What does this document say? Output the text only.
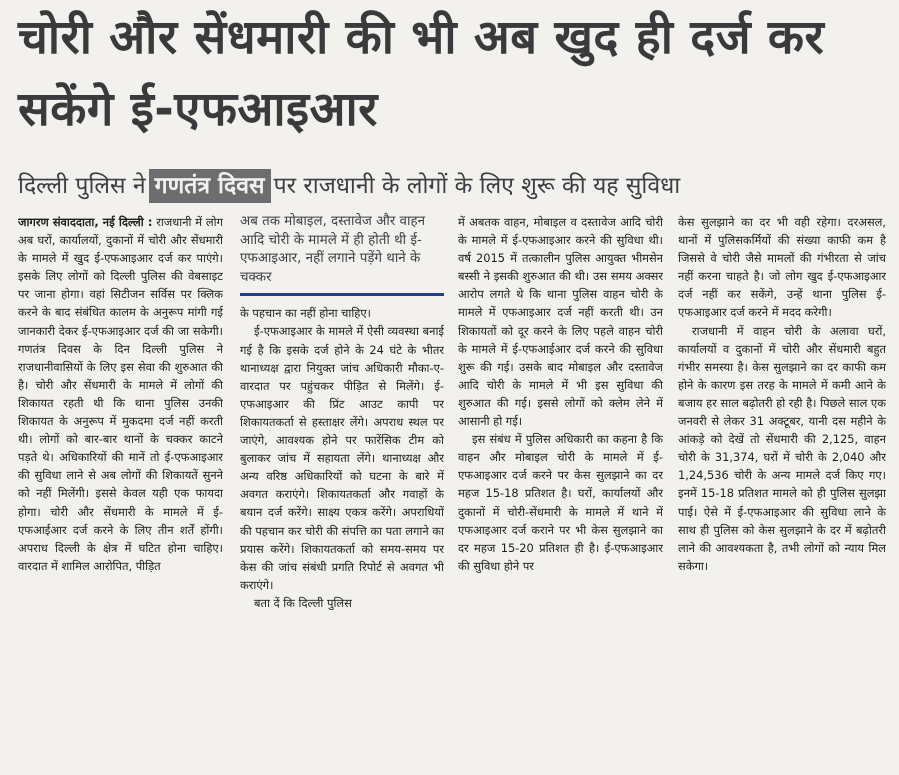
चोरी और सेंधमारी की भी अब खुद ही दर्ज कर सकेंगे ई-एफआइआर
दिल्ली पुलिस ने गणतंत्र दिवस पर राजधानी के लोगों के लिए शुरू की यह सुविधा

जागरण संवाददाता, नई दिल्ली : राजधानी में लोग अब घरों, कार्यालयों, दुकानों में चोरी और सेंधमारी के मामले में खुद ई-एफआइआर दर्ज कर पाएंगे। इसके लिए लोगों को दिल्ली पुलिस की वेबसाइट पर जाना होगा। वहां सिटीजन सर्विस पर क्लिक करने के बाद संबंधित कालम के अनुरूप मांगी गई जानकारी देकर ई-एफआइआर दर्ज की जा सकेगी। गणतंत्र दिवस के दिन दिल्ली पुलिस ने राजधानीवासियों के लिए इस सेवा की शुरुआत की है। चोरी और सेंधमारी के मामले में लोगों की शिकायत रहती थी कि थाना पुलिस उनकी शिकायत के अनुरूप में मुकदमा दर्ज नहीं करती थी। लोगों को बार-बार थानों के चक्कर काटने पड़ते थे। अधिकारियों की मानें तो ई-एफआइआर की सुविधा लाने से अब लोगों की शिकायतें सुनने को नहीं मिलेंगी। इससे केवल यही एक फायदा होगा। चोरी और सेंधमारी के मामले में ई-एफआईआर दर्ज करने के लिए तीन शर्तें होंगी। अपराध दिल्ली के क्षेत्र में घटित होना चाहिए। वारदात में शामिल आरोपित, पीड़ित

अब तक मोबाइल, दस्तावेज और वाहन आदि चोरी के मामले में ही होती थी ई-एफआइआर, नहीं लगाने पड़ेंगे थाने के चक्कर

के पहचान का नहीं होना चाहिए।

ई-एफआइआर के मामले में ऐसी व्यवस्था बनाई गई है कि इसके दर्ज होने के 24 घंटे के भीतर थानाध्यक्ष द्वारा नियुक्त जांच अधिकारी मौका-ए-वारदात पर पहुंचकर पीड़ित से मिलेंगे। ई-एफआइआर की प्रिंट आउट कापी पर शिकायतकर्ता से हस्ताक्षर लेंगे। अपराध स्थल पर जाएंगे, आवश्यक होने पर फारेंसिक टीम को बुलाकर जांच में सहायता लेंगे। थानाध्यक्ष और अन्य वरिष्ठ अधिकारियों को घटना के बारे में अवगत कराएंगे। शिकायतकर्ता और गवाहों के बयान दर्ज करेंगे। साक्ष्य एकत्र करेंगे। अपराधियों की पहचान कर चोरी की संपत्ति का पता लगाने का प्रयास करेंगे। शिकायतकर्ता को समय-समय पर केस की जांच संबंधी प्रगति रिपोर्ट से अवगत भी कराएंगे।

बता दें कि दिल्ली पुलिस

में अबतक वाहन, मोबाइल व दस्तावेज आदि चोरी के मामले में ई-एफआइआर करने की सुविधा थी। वर्ष 2015 में तत्कालीन पुलिस आयुक्त भीमसेन बस्सी ने इसकी शुरुआत की थी। उस समय अक्सर आरोप लगते थे कि थाना पुलिस वाहन चोरी के मामले में एफआइआर दर्ज नहीं करती थी। उन शिकायतों को दूर करने के लिए पहले वाहन चोरी के मामले में ई-एफआईआर दर्ज करने की सुविधा शुरू की गई। उसके बाद मोबाइल और दस्तावेज आदि चोरी के मामले में भी इस सुविधा की शुरुआत की गई। इससे लोगों को क्लेम लेने में आसानी हो गई।

इस संबंध में पुलिस अधिकारी का कहना है कि वाहन और मोबाइल चोरी के मामले में ई-एफआइआर दर्ज करने पर केस सुलझाने का दर महज 15-18 प्रतिशत है। घरों, कार्यालयों और दुकानों में चोरी-सेंधमारी के मामले में थाने में एफआइआर दर्ज कराने पर भी केस सुलझाने का दर महज 15-20 प्रतिशत ही है। ई-एफआइआर की सुविधा होने पर

केस सुलझाने का दर भी वही रहेगा। दरअसल, थानों में पुलिसकर्मियों की संख्या काफी कम है जिससे वे चोरी जैसे मामलों की गंभीरता से जांच नहीं करना चाहते है। जो लोग खुद ई-एफआइआर दर्ज नहीं कर सकेंगे, उन्हें थाना पुलिस ई-एफआइआर दर्ज करने में मदद करेगी।

राजधानी में वाहन चोरी के अलावा घरों, कार्यालयों व दुकानों में चोरी और सेंधमारी बहुत गंभीर समस्या है। केस सुलझाने का दर काफी कम होने के कारण इस तरह के मामले में कमी आने के बजाय हर साल बढ़ोतरी हो रही है। पिछले साल एक जनवरी से लेकर 31 अक्टूबर, यानी दस महीने के आंकड़े को देखें तो सेंधमारी की 2,125, वाहन चोरी के 31,374, घरों में चोरी के 2,040 और 1,24,536 चोरी के अन्य मामले दर्ज किए गए। इनमें 15-18 प्रतिशत मामले को ही पुलिस सुलझा पाई। ऐसे में ई-एफआइआर की सुविधा लाने के साथ ही पुलिस को केस सुलझाने के दर में बढ़ोतरी लाने की आवश्यकता है, तभी लोगों को न्याय मिल सकेगा।
